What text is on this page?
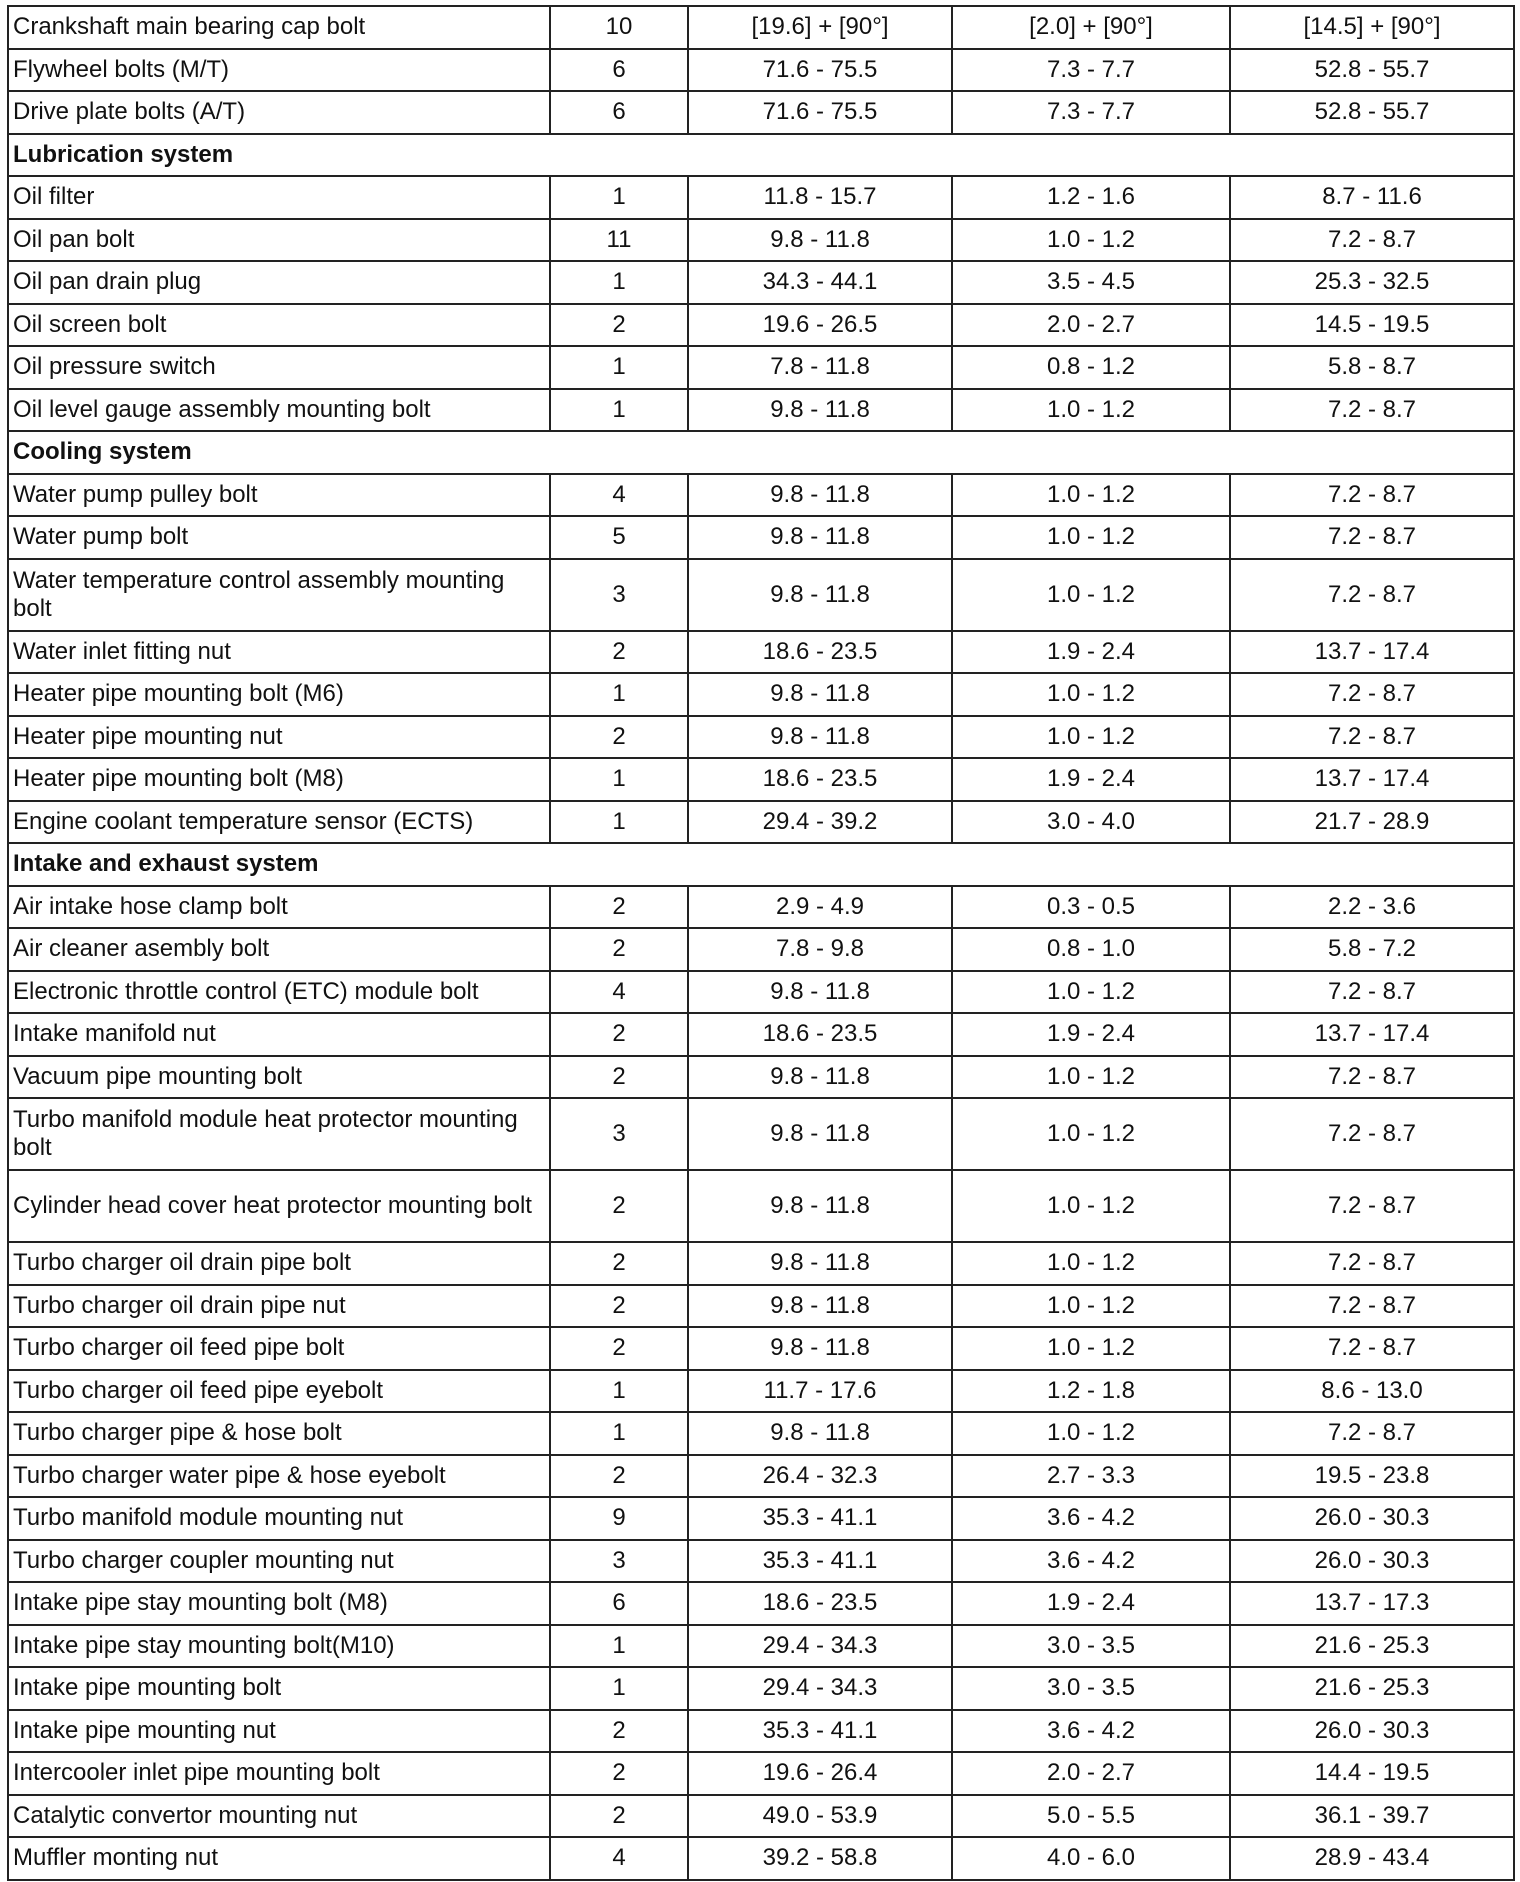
Crankshaft main bearing cap bolt	10	[19.6] + [90°]	[2.0] + [90°]	[14.5] + [90°]
Flywheel bolts (M/T)	6	71.6 - 75.5	7.3 - 7.7	52.8 - 55.7
Drive plate bolts (A/T)	6	71.6 - 75.5	7.3 - 7.7	52.8 - 55.7
Lubrication system				
Oil filter	1	11.8 - 15.7	1.2 - 1.6	8.7 - 11.6
Oil pan bolt	11	9.8 - 11.8	1.0 - 1.2	7.2 - 8.7
Oil pan drain plug	1	34.3 - 44.1	3.5 - 4.5	25.3 - 32.5
Oil screen bolt	2	19.6 - 26.5	2.0 - 2.7	14.5 - 19.5
Oil pressure switch	1	7.8 - 11.8	0.8 - 1.2	5.8 - 8.7
Oil level gauge assembly mounting bolt	1	9.8 - 11.8	1.0 - 1.2	7.2 - 8.7
Cooling system				
Water pump pulley bolt	4	9.8 - 11.8	1.0 - 1.2	7.2 - 8.7
Water pump bolt	5	9.8 - 11.8	1.0 - 1.2	7.2 - 8.7
Water temperature control assembly mounting bolt	3	9.8 - 11.8	1.0 - 1.2	7.2 - 8.7
Water inlet fitting nut	2	18.6 - 23.5	1.9 - 2.4	13.7 - 17.4
Heater pipe mounting bolt (M6)	1	9.8 - 11.8	1.0 - 1.2	7.2 - 8.7
Heater pipe mounting nut	2	9.8 - 11.8	1.0 - 1.2	7.2 - 8.7
Heater pipe mounting bolt (M8)	1	18.6 - 23.5	1.9 - 2.4	13.7 - 17.4
Engine coolant temperature sensor (ECTS)	1	29.4 - 39.2	3.0 - 4.0	21.7 - 28.9
Intake and exhaust system				
Air intake hose clamp bolt	2	2.9 - 4.9	0.3 - 0.5	2.2 - 3.6
Air cleaner asembly bolt	2	7.8 - 9.8	0.8 - 1.0	5.8 - 7.2
Electronic throttle control (ETC) module bolt	4	9.8 - 11.8	1.0 - 1.2	7.2 - 8.7
Intake manifold nut	2	18.6 - 23.5	1.9 - 2.4	13.7 - 17.4
Vacuum pipe mounting bolt	2	9.8 - 11.8	1.0 - 1.2	7.2 - 8.7
Turbo manifold module heat protector mounting bolt	3	9.8 - 11.8	1.0 - 1.2	7.2 - 8.7
Cylinder head cover heat protector mounting bolt	2	9.8 - 11.8	1.0 - 1.2	7.2 - 8.7
Turbo charger oil drain pipe bolt	2	9.8 - 11.8	1.0 - 1.2	7.2 - 8.7
Turbo charger oil drain pipe nut	2	9.8 - 11.8	1.0 - 1.2	7.2 - 8.7
Turbo charger oil feed pipe bolt	2	9.8 - 11.8	1.0 - 1.2	7.2 - 8.7
Turbo charger oil feed pipe eyebolt	1	11.7 - 17.6	1.2 - 1.8	8.6 - 13.0
Turbo charger pipe & hose bolt	1	9.8 - 11.8	1.0 - 1.2	7.2 - 8.7
Turbo charger water pipe & hose eyebolt	2	26.4 - 32.3	2.7 - 3.3	19.5 - 23.8
Turbo manifold module mounting nut	9	35.3 - 41.1	3.6 - 4.2	26.0 - 30.3
Turbo charger coupler mounting nut	3	35.3 - 41.1	3.6 - 4.2	26.0 - 30.3
Intake pipe stay mounting bolt (M8)	6	18.6 - 23.5	1.9 - 2.4	13.7 - 17.3
Intake pipe stay mounting bolt(M10)	1	29.4 - 34.3	3.0 - 3.5	21.6 - 25.3
Intake pipe mounting bolt	1	29.4 - 34.3	3.0 - 3.5	21.6 - 25.3
Intake pipe mounting nut	2	35.3 - 41.1	3.6 - 4.2	26.0 - 30.3
Intercooler inlet pipe mounting bolt	2	19.6 - 26.4	2.0 - 2.7	14.4 - 19.5
Catalytic convertor mounting nut	2	49.0 - 53.9	5.0 - 5.5	36.1 - 39.7
Muffler monting nut	4	39.2 - 58.8	4.0 - 6.0	28.9 - 43.4
